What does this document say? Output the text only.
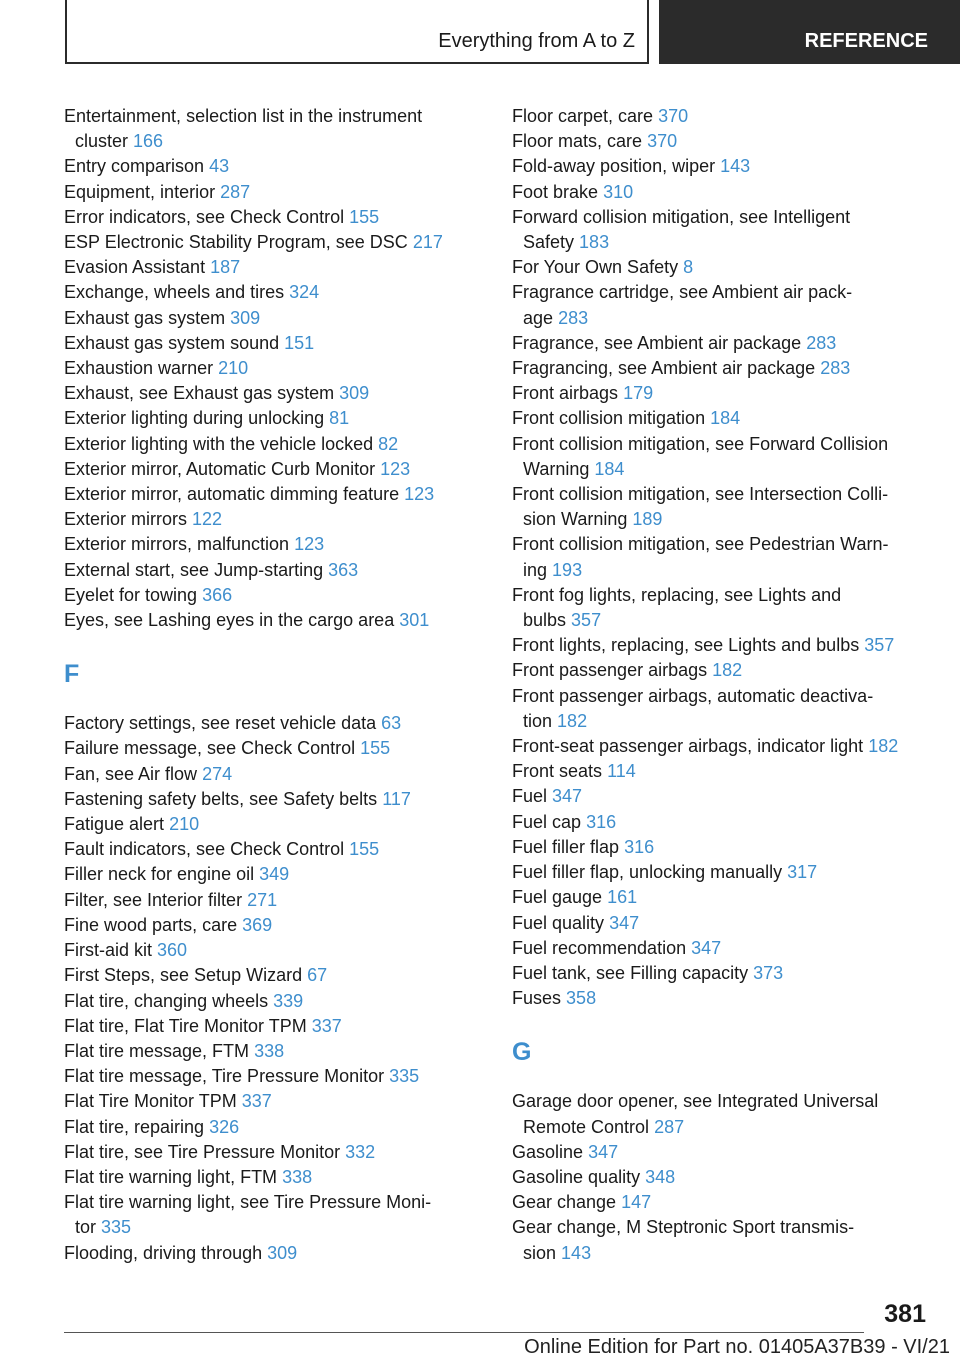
Everything from A to Z	REFERENCE
Entertainment, selection list in the instrument
cluster 166
Entry comparison 43
Equipment, interior 287
Error indicators, see Check Control 155
ESP Electronic Stability Program, see DSC 217
Evasion Assistant 187
Exchange, wheels and tires 324
Exhaust gas system 309
Exhaust gas system sound 151
Exhaustion warner 210
Exhaust, see Exhaust gas system 309
Exterior lighting during unlocking 81
Exterior lighting with the vehicle locked 82
Exterior mirror, Automatic Curb Monitor 123
Exterior mirror, automatic dimming feature 123
Exterior mirrors 122
Exterior mirrors, malfunction 123
External start, see Jump-starting 363
Eyelet for towing 366
Eyes, see Lashing eyes in the cargo area 301
F
Factory settings, see reset vehicle data 63
Failure message, see Check Control 155
Fan, see Air flow 274
Fastening safety belts, see Safety belts 117
Fatigue alert 210
Fault indicators, see Check Control 155
Filler neck for engine oil 349
Filter, see Interior filter 271
Fine wood parts, care 369
First-aid kit 360
First Steps, see Setup Wizard 67
Flat tire, changing wheels 339
Flat tire, Flat Tire Monitor TPM 337
Flat tire message, FTM 338
Flat tire message, Tire Pressure Monitor 335
Flat Tire Monitor TPM 337
Flat tire, repairing 326
Flat tire, see Tire Pressure Monitor 332
Flat tire warning light, FTM 338
Flat tire warning light, see Tire Pressure Moni-
tor 335
Flooding, driving through 309
Floor carpet, care 370
Floor mats, care 370
Fold-away position, wiper 143
Foot brake 310
Forward collision mitigation, see Intelligent
Safety 183
For Your Own Safety 8
Fragrance cartridge, see Ambient air pack-
age 283
Fragrance, see Ambient air package 283
Fragrancing, see Ambient air package 283
Front airbags 179
Front collision mitigation 184
Front collision mitigation, see Forward Collision
Warning 184
Front collision mitigation, see Intersection Colli-
sion Warning 189
Front collision mitigation, see Pedestrian Warn-
ing 193
Front fog lights, replacing, see Lights and
bulbs 357
Front lights, replacing, see Lights and bulbs 357
Front passenger airbags 182
Front passenger airbags, automatic deactiva-
tion 182
Front-seat passenger airbags, indicator light 182
Front seats 114
Fuel 347
Fuel cap 316
Fuel filler flap 316
Fuel filler flap, unlocking manually 317
Fuel gauge 161
Fuel quality 347
Fuel recommendation 347
Fuel tank, see Filling capacity 373
Fuses 358
G
Garage door opener, see Integrated Universal
Remote Control 287
Gasoline 347
Gasoline quality 348
Gear change 147
Gear change, M Steptronic Sport transmis-
sion 143
381
Online Edition for Part no. 01405A37B39 - VI/21
